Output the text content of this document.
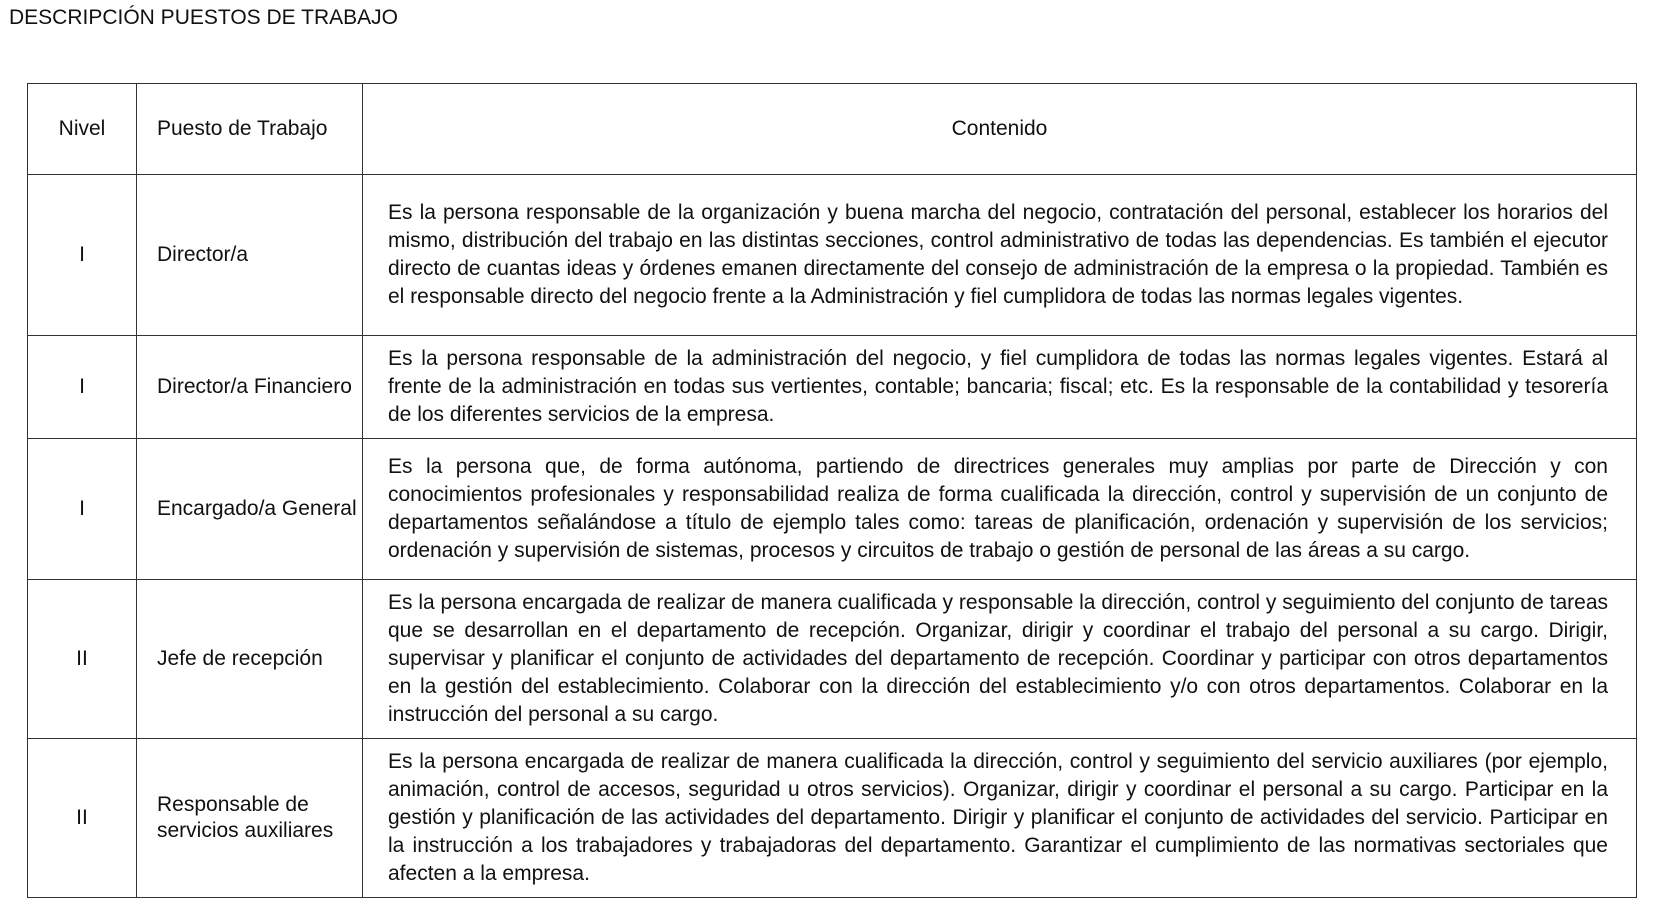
DESCRIPCIÓN PUESTOS DE TRABAJO
Nivel	Puesto de Trabajo	Contenido
I	Director/a	Es la persona responsable de la organización y buena marcha del negocio, contratación del personal, establecer los horarios del mismo, distribución del trabajo en las distintas secciones, control administrativo de todas las dependencias. Es también el ejecutor directo de cuantas ideas y órdenes emanen directamente del consejo de administración de la empresa o la propiedad. También es el responsable directo del negocio frente a la Administración y fiel cumplidora de todas las normas legales vigentes.
I	Director/a Financiero	Es la persona responsable de la administración del negocio, y fiel cumplidora de todas las normas legales vigentes. Estará al frente de la administración en todas sus vertientes, contable; bancaria; fiscal; etc. Es la responsable de la contabilidad y tesorería de los diferentes servicios de la empresa.
I	Encargado/a General	Es la persona que, de forma autónoma, partiendo de directrices generales muy amplias por parte de Dirección y con conocimientos profesionales y responsabilidad realiza de forma cualificada la dirección, control y supervisión de un conjunto de departamentos señalándose a título de ejemplo tales como: tareas de planificación, ordenación y supervisión de los servicios; ordenación y supervisión de sistemas, procesos y circuitos de trabajo o gestión de personal de las áreas a su cargo.
II	Jefe de recepción	Es la persona encargada de realizar de manera cualificada y responsable la dirección, control y seguimiento del conjunto de tareas que se desarrollan en el departamento de recepción. Organizar, dirigir y coordinar el trabajo del personal a su cargo. Dirigir, supervisar y planificar el conjunto de actividades del departamento de recepción. Coordinar y participar con otros departamentos en la gestión del establecimiento. Colaborar con la dirección del establecimiento y/o con otros departamentos. Colaborar en la instrucción del personal a su cargo.
II	Responsable de servicios auxiliares	Es la persona encargada de realizar de manera cualificada la dirección, control y seguimiento del servicio auxiliares (por ejemplo, animación, control de accesos, seguridad u otros servicios). Organizar, dirigir y coordinar el personal a su cargo. Participar en la gestión y planificación de las actividades del departamento. Dirigir y planificar el conjunto de actividades del servicio. Participar en la instrucción a los trabajadores y trabajadoras del departamento. Garantizar el cumplimiento de las normativas sectoriales que afecten a la empresa.
